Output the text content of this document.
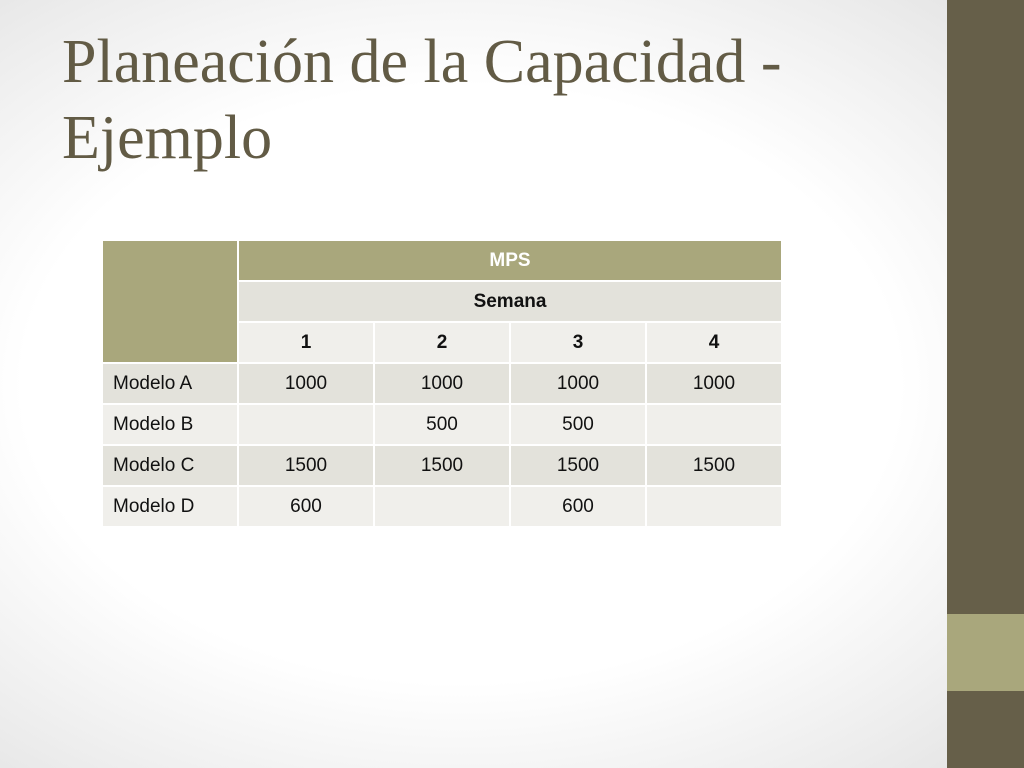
Planeación de la Capacidad - Ejemplo
	MPS			
	Semana			
	1	2	3	4
Modelo A	1000	1000	1000	1000
Modelo B		500	500	
Modelo C	1500	1500	1500	1500
Modelo D	600		600	
